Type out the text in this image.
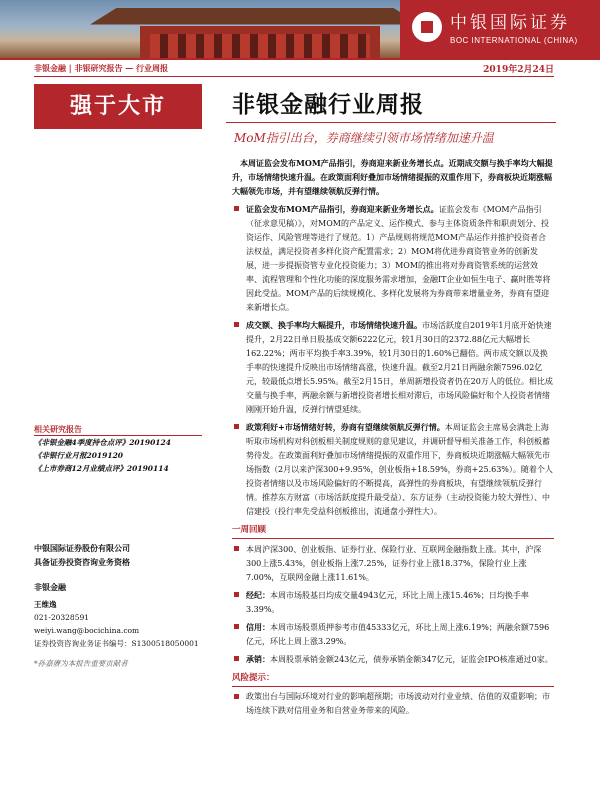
中银国际证券
BOC INTERNATIONAL (CHINA)
非银金融 | 非银研究报告 — 行业周报	2019年2月24日
强于大市	非银金融行业周报
MoM指引出台，券商继续引领市场情绪加速升温

本周证监会发布MOM产品指引，券商迎来新业务增长点。近期成交额与换手率均大幅提升，市场情绪快速升温。在政策面利好叠加市场情绪提振的双重作用下，券商板块近期涨幅大幅领先市场，并有望继续领航反弹行情。

证监会发布MOM产品指引，券商迎来新业务增长点。证监会发布《MOM产品指引（征求意见稿）》，对MOM的产品定义、运作模式、参与主体资质条件和职责划分、投资运作、风险管理等进行了规范。1）产品规则将规范MOM产品运作并推护投资者合法权益，满足投资者多样化资产配置需求；2）MOM将优进券商资管业务的创新发展，进一步提振资管专业化投资能力；3）MOM的推出将对券商资管系统的运营效率、流程管理和个性化功能的深度服务需求增加，金融IT企业如恒生电子、赢时胜等将因此受益。MOM产品的后续规模化、多样化发展将为券商带来增量业务，券商有望迎来新增长点。

成交额、换手率均大幅提升，市场情绪快速升温。市场活跃度自2019年1月底开始快速提升，2月22日单日股基成交额6222亿元，较1月30日的2372.88亿元大幅增长162.22%；两市平均换手率3.39%，较1月30日的1.60%已翻倍。两市成交额以及换手率的快速提升反映出市场情绪高涨，快速升温。截至2月21日两融余额7596.02亿元，较最低点增长5.95%。截至2月15日，单周新增投资者仍在20万人的低位。相比成交量与换手率，两融余额与新增投资者增长相对滞后，市场风险偏好和个人投资者情绪刚刚开始升温，反弹行情望延续。

政策利好+市场情绪好转，券商有望继续领航反弹行情。本周证监会主席易会满赴上海听取市场机构对科创板相关制度规则的意见建议，并调研督导相关准备工作，科创板蓄势待发。在政策面利好叠加市场情绪提振的双重作用下，券商板块近期涨幅大幅领先市场指数（2月以来沪深300+9.95%，创业板指+18.59%，券商+25.63%）。随着个人投资者情绪以及市场风险偏好的不断提高，高弹性的券商板块，有望继续领航反弹行情。推荐东方财富（市场活跃度提升最受益）、东方证券（主动投资能力较大弹性）、中信建投（投行率先受益科创板推出，流通盘小弹性大）。

一周回顾

本周沪深300、创业板指、证券行业、保险行业、互联网金融指数上涨。其中，沪深300上涨5.43%，创业板指上涨7.25%，证券行业上涨18.37%，保险行业上涨7.00%，互联网金融上涨11.61%。

经纪：本周市场股基日均成交量4943亿元，环比上周上涨15.46%；日均换手率3.39%。

信用：本周市场股票质押参考市值45333亿元，环比上周上涨6.19%；两融余额7596亿元，环比上周上涨3.29%。

承销：本周股票承销金额243亿元，债券承销金额347亿元，证监会IPO核准通过0家。

风险提示：

政策出台与国际环境对行业的影响超预期；市场波动对行业业绩、估值的双重影响；市场连续下跌对信用业务和自营业务带来的风险。

相关研究报告
《非银金融4季度持仓点评》20190124
《非银行业月报2019120
《上市券商12月业绩点评》20190114
中银国际证券股份有限公司
具备证券投资咨询业务资格
非银金融
王维逸
021-20328591
weiyi.wang@bocichina.com
证券投资咨询业务证书编号：S1300518050001
*孙嘉赓为本报告重要贡献者
